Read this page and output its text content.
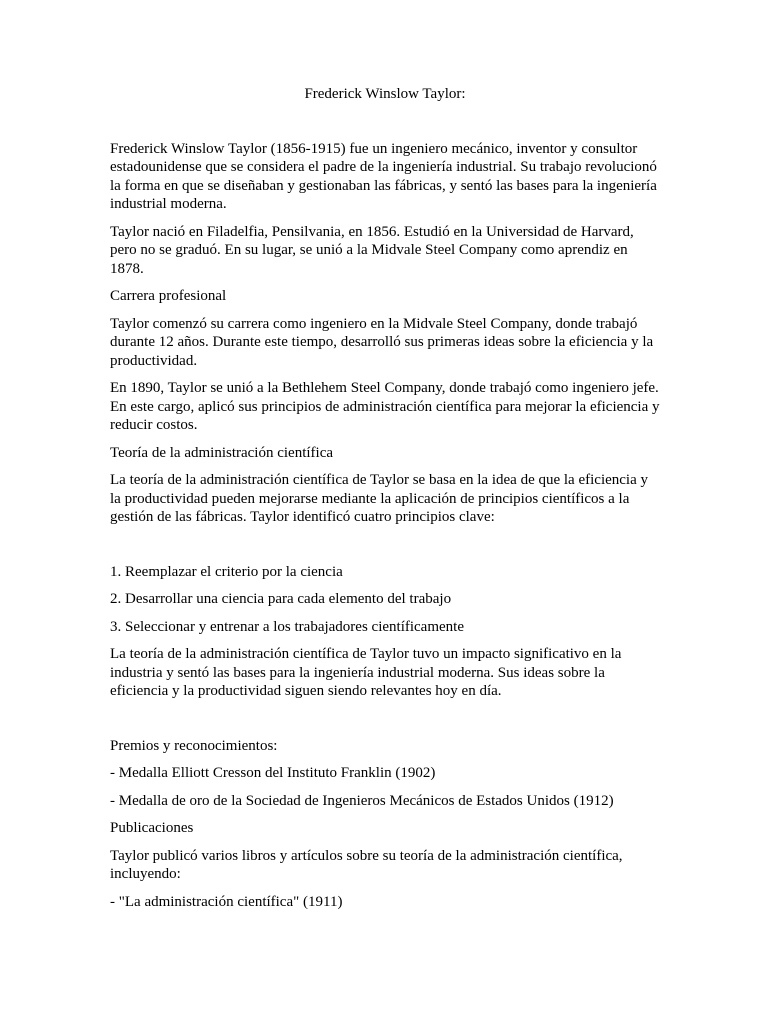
Frederick Winslow Taylor:

Frederick Winslow Taylor (1856-1915) fue un ingeniero mecánico, inventor y consultor estadounidense que se considera el padre de la ingeniería industrial. Su trabajo revolucionó la forma en que se diseñaban y gestionaban las fábricas, y sentó las bases para la ingeniería industrial moderna.

Taylor nació en Filadelfia, Pensilvania, en 1856. Estudió en la Universidad de Harvard, pero no se graduó. En su lugar, se unió a la Midvale Steel Company como aprendiz en 1878.

Carrera profesional

Taylor comenzó su carrera como ingeniero en la Midvale Steel Company, donde trabajó durante 12 años. Durante este tiempo, desarrolló sus primeras ideas sobre la eficiencia y la productividad.

En 1890, Taylor se unió a la Bethlehem Steel Company, donde trabajó como ingeniero jefe. En este cargo, aplicó sus principios de administración científica para mejorar la eficiencia y reducir costos.

Teoría de la administración científica

La teoría de la administración científica de Taylor se basa en la idea de que la eficiencia y la productividad pueden mejorarse mediante la aplicación de principios científicos a la gestión de las fábricas. Taylor identificó cuatro principios clave:

1. Reemplazar el criterio por la ciencia

2. Desarrollar una ciencia para cada elemento del trabajo

3. Seleccionar y entrenar a los trabajadores científicamente

La teoría de la administración científica de Taylor tuvo un impacto significativo en la industria y sentó las bases para la ingeniería industrial moderna. Sus ideas sobre la eficiencia y la productividad siguen siendo relevantes hoy en día.

Premios y reconocimientos:

- Medalla Elliott Cresson del Instituto Franklin (1902)

- Medalla de oro de la Sociedad de Ingenieros Mecánicos de Estados Unidos (1912)

Publicaciones

Taylor publicó varios libros y artículos sobre su teoría de la administración científica, incluyendo:

- "La administración científica" (1911)
